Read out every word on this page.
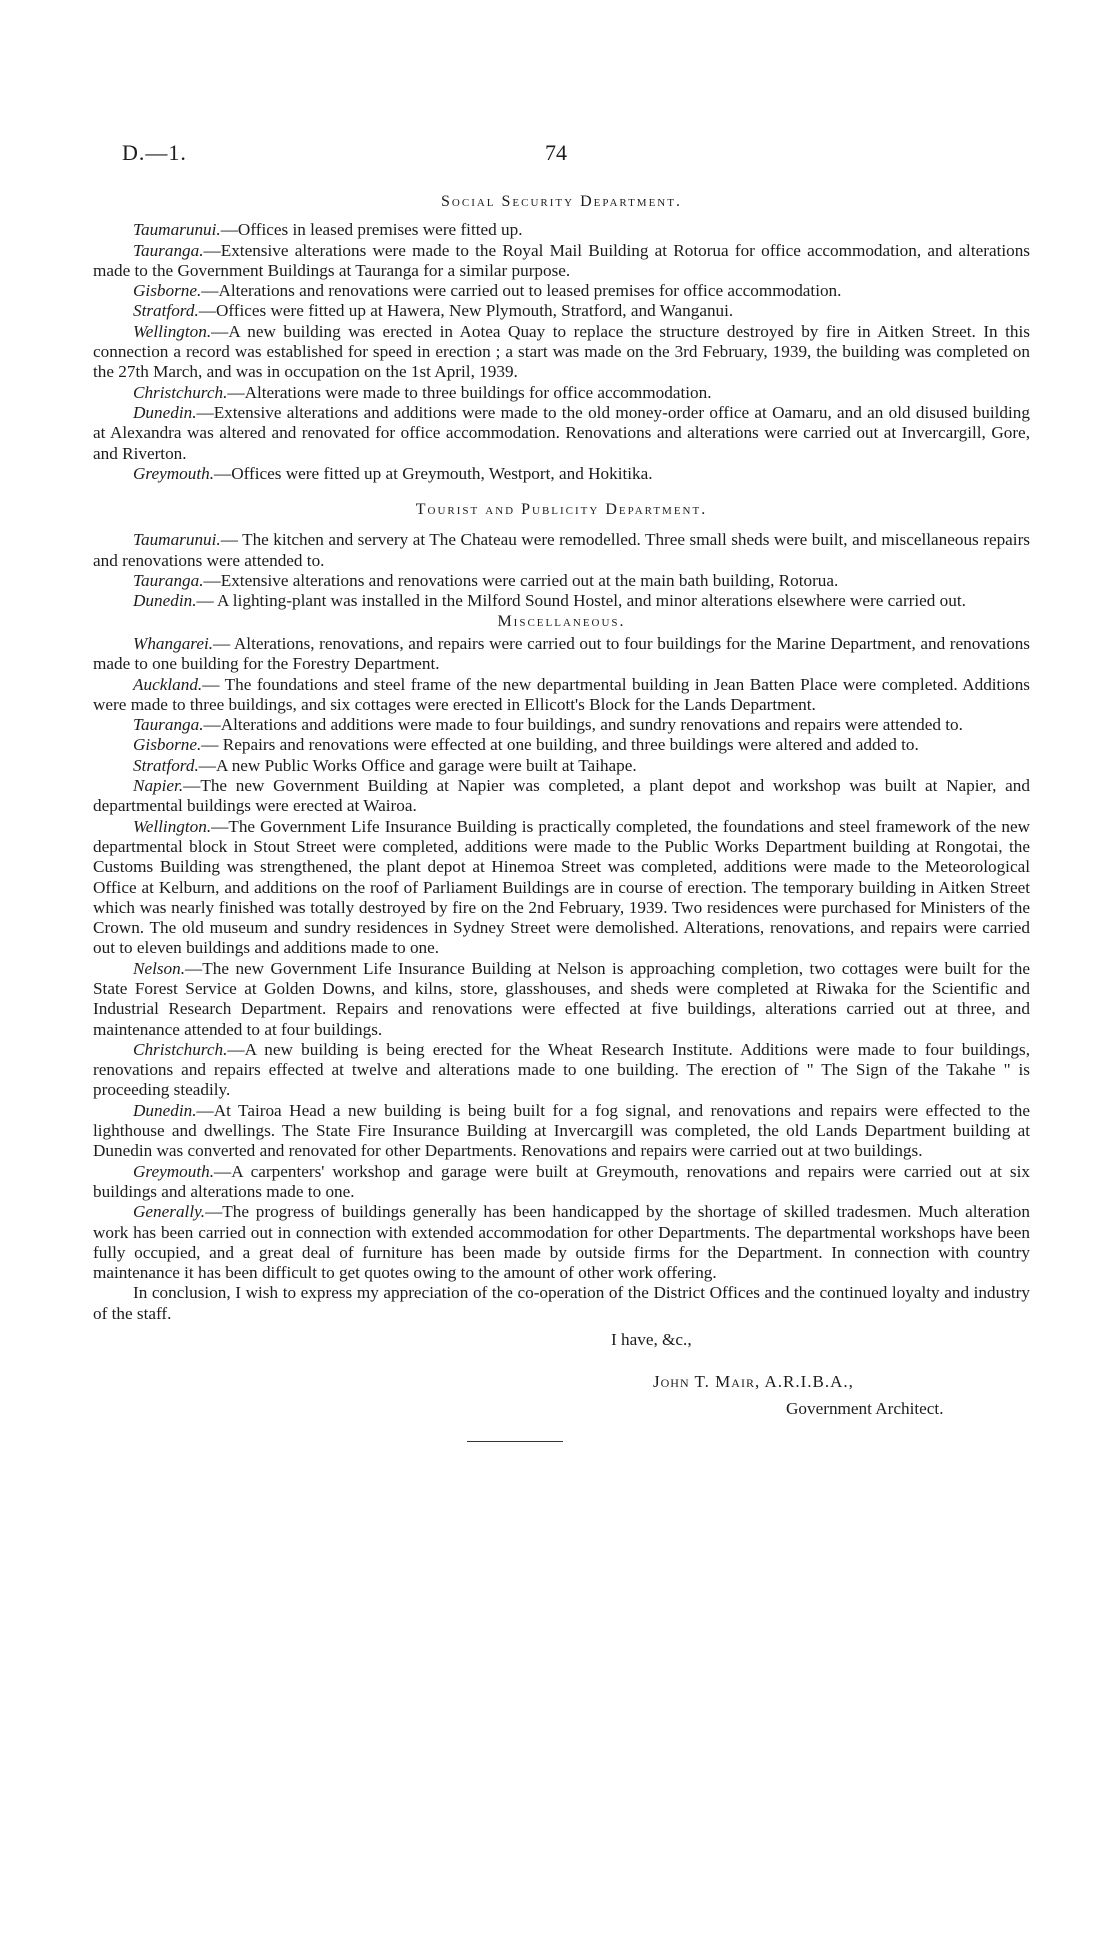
D.—1.	74
Social Security Department.

Taumarunui.—Offices in leased premises were fitted up.

Tauranga.—Extensive alterations were made to the Royal Mail Building at Rotorua for office accommodation, and alterations made to the Government Buildings at Tauranga for a similar purpose.

Gisborne.—Alterations and renovations were carried out to leased premises for office accommodation.

Stratford.—Offices were fitted up at Hawera, New Plymouth, Stratford, and Wanganui.

Wellington.—A new building was erected in Aotea Quay to replace the structure destroyed by fire in Aitken Street. In this connection a record was established for speed in erection ; a start was made on the 3rd February, 1939, the building was completed on the 27th March, and was in occupation on the 1st April, 1939.

Christchurch.—Alterations were made to three buildings for office accommodation.

Dunedin.—Extensive alterations and additions were made to the old money-order office at Oamaru, and an old disused building at Alexandra was altered and renovated for office accommodation. Renovations and alterations were carried out at Invercargill, Gore, and Riverton.

Greymouth.—Offices were fitted up at Greymouth, Westport, and Hokitika.

Tourist and Publicity Department.

Taumarunui.— The kitchen and servery at The Chateau were remodelled. Three small sheds were built, and miscellaneous repairs and renovations were attended to.

Tauranga.—Extensive alterations and renovations were carried out at the main bath building, Rotorua.

Dunedin.— A lighting-plant was installed in the Milford Sound Hostel, and minor alterations elsewhere were carried out.

Miscellaneous.

Whangarei.— Alterations, renovations, and repairs were carried out to four buildings for the Marine Department, and renovations made to one building for the Forestry Department.

Auckland.— The foundations and steel frame of the new departmental building in Jean Batten Place were completed. Additions were made to three buildings, and six cottages were erected in Ellicott's Block for the Lands Department.

Tauranga.—Alterations and additions were made to four buildings, and sundry renovations and repairs were attended to.

Gisborne.— Repairs and renovations were effected at one building, and three buildings were altered and added to.

Stratford.—A new Public Works Office and garage were built at Taihape.

Napier.—The new Government Building at Napier was completed, a plant depot and workshop was built at Napier, and departmental buildings were erected at Wairoa.

Wellington.—The Government Life Insurance Building is practically completed, the foundations and steel framework of the new departmental block in Stout Street were completed, additions were made to the Public Works Department building at Rongotai, the Customs Building was strengthened, the plant depot at Hinemoa Street was completed, additions were made to the Meteorological Office at Kelburn, and additions on the roof of Parliament Buildings are in course of erection. The temporary building in Aitken Street which was nearly finished was totally destroyed by fire on the 2nd February, 1939. Two residences were purchased for Ministers of the Crown. The old museum and sundry residences in Sydney Street were demolished. Alterations, renovations, and repairs were carried out to eleven buildings and additions made to one.

Nelson.—The new Government Life Insurance Building at Nelson is approaching completion, two cottages were built for the State Forest Service at Golden Downs, and kilns, store, glasshouses, and sheds were completed at Riwaka for the Scientific and Industrial Research Department. Repairs and renovations were effected at five buildings, alterations carried out at three, and maintenance attended to at four buildings.

Christchurch.—A new building is being erected for the Wheat Research Institute. Additions were made to four buildings, renovations and repairs effected at twelve and alterations made to one building. The erection of " The Sign of the Takahe " is proceeding steadily.

Dunedin.—At Tairoa Head a new building is being built for a fog signal, and renovations and repairs were effected to the lighthouse and dwellings. The State Fire Insurance Building at Invercargill was completed, the old Lands Department building at Dunedin was converted and renovated for other Departments. Renovations and repairs were carried out at two buildings.

Greymouth.—A carpenters' workshop and garage were built at Greymouth, renovations and repairs were carried out at six buildings and alterations made to one.

Generally.—The progress of buildings generally has been handicapped by the shortage of skilled tradesmen. Much alteration work has been carried out in connection with extended accommodation for other Departments. The departmental workshops have been fully occupied, and a great deal of furniture has been made by outside firms for the Department. In connection with country maintenance it has been difficult to get quotes owing to the amount of other work offering.

In conclusion, I wish to express my appreciation of the co-operation of the District Offices and the continued loyalty and industry of the staff.

I have, &c.,
John T. Mair, A.R.I.B.A.,
Government Architect.
